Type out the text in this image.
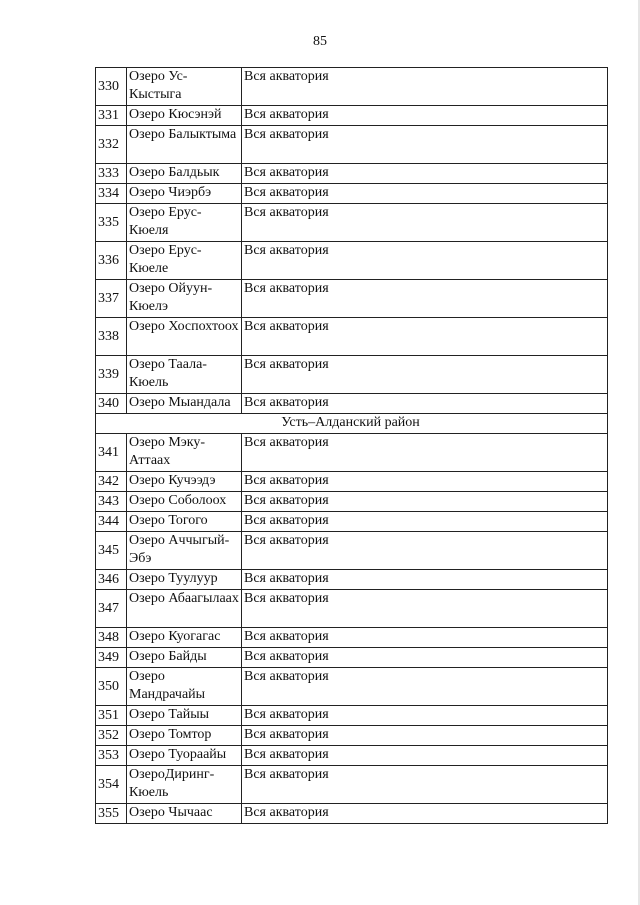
85
330	Озеро Ус-Кыстыга	Вся акватория
331	Озеро Кюсэнэй	Вся акватория
332	Озеро Балыктыма	Вся акватория
333	Озеро Балдьык	Вся акватория
334	Озеро Чиэрбэ	Вся акватория
335	Озеро Ерус-Кюеля	Вся акватория
336	Озеро Ерус-Кюеле	Вся акватория
337	Озеро Ойуун-Кюелэ	Вся акватория
338	Озеро Хоспохтоох	Вся акватория
339	Озеро Таала-Кюель	Вся акватория
340	Озеро Мыандала	Вся акватория
Усть–Алданский район		
341	Озеро Мэку-Аттаах	Вся акватория
342	Озеро Кучээдэ	Вся акватория
343	Озеро Соболоох	Вся акватория
344	Озеро Тогого	Вся акватория
345	Озеро Аччыгый-Эбэ	Вся акватория
346	Озеро Туулуур	Вся акватория
347	Озеро Абаагылаах	Вся акватория
348	Озеро Куогагас	Вся акватория
349	Озеро Байды	Вся акватория
350	Озеро Мандрачайы	Вся акватория
351	Озеро Тайыы	Вся акватория
352	Озеро Томтор	Вся акватория
353	Озеро Туораайы	Вся акватория
354	ОзероДиринг-Кюель	Вся акватория
355	Озеро Чычаас	Вся акватория
